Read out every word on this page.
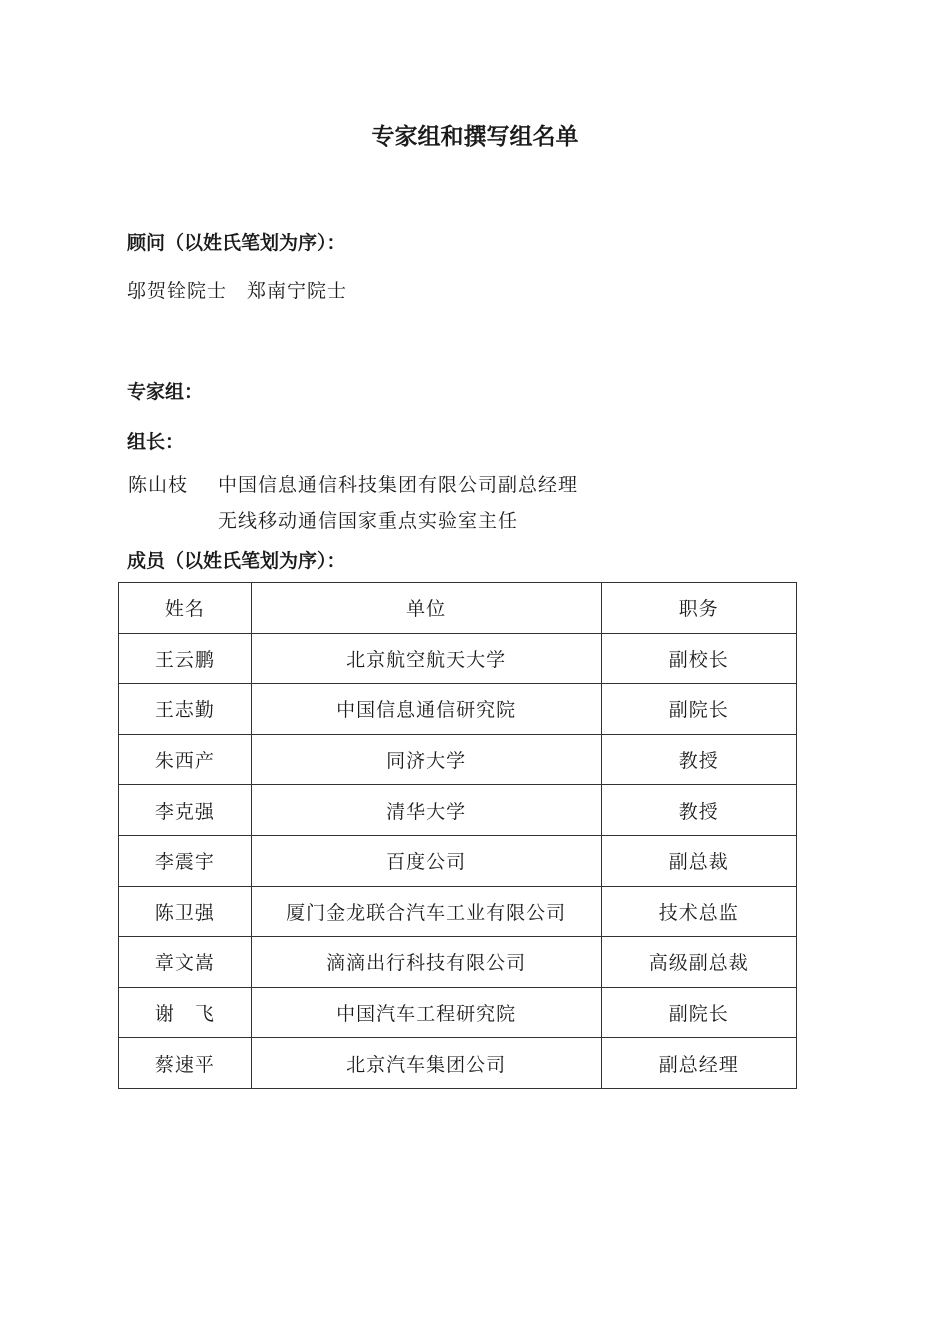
专家组和撰写组名单
顾问（以姓氏笔划为序）：
邬贺铨院士　郑南宁院士
专家组：
组长：
陈山枝 中国信息通信科技集团有限公司副总经理
无线移动通信国家重点实验室主任
成员（以姓氏笔划为序）：
姓名	单位	职务
王云鹏	北京航空航天大学	副校长
王志勤	中国信息通信研究院	副院长
朱西产	同济大学	教授
李克强	清华大学	教授
李震宇	百度公司	副总裁
陈卫强	厦门金龙联合汽车工业有限公司	技术总监
章文嵩	滴滴出行科技有限公司	高级副总裁
谢　飞	中国汽车工程研究院	副院长
蔡速平	北京汽车集团公司	副总经理
